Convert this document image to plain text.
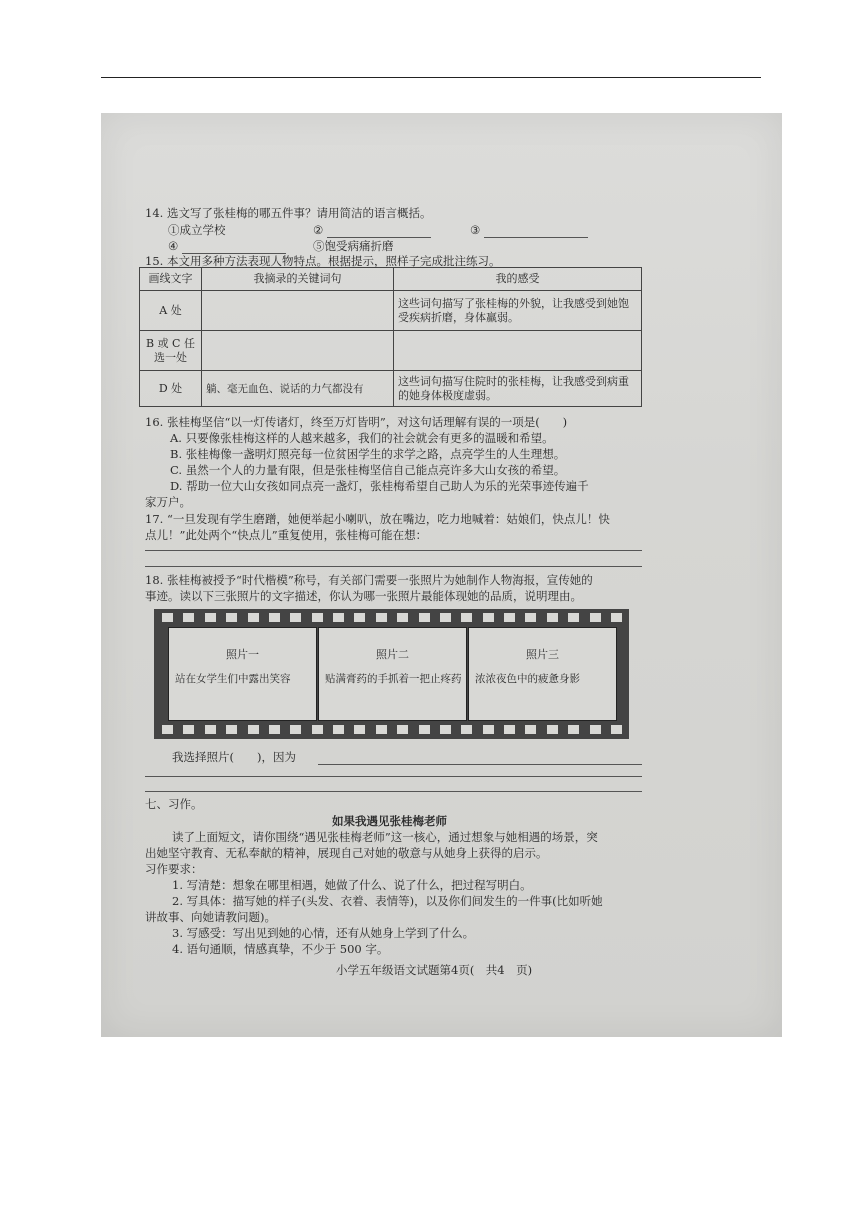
14. 选文写了张桂梅的哪五件事？请用简洁的语言概括。
①成立学校	②	③
④	⑤饱受病痛折磨
15. 本文用多种方法表现人物特点。根据提示，照样子完成批注练习。
画线文字	我摘录的关键词句	我的感受
A 处		这些词句描写了张桂梅的外貌，让我感受到她饱受疾病折磨，身体羸弱。
B 或 C 任选一处		
D 处	躺、毫无血色、说话的力气都没有	这些词句描写住院时的张桂梅，让我感受到病重的她身体极度虚弱。
16. 张桂梅坚信“以一灯传诸灯，终至万灯皆明”，对这句话理解有误的一项是(　　)
A. 只要像张桂梅这样的人越来越多，我们的社会就会有更多的温暖和希望。
B. 张桂梅像一盏明灯照亮每一位贫困学生的求学之路，点亮学生的人生理想。
C. 虽然一个人的力量有限，但是张桂梅坚信自己能点亮许多大山女孩的希望。
D. 帮助一位大山女孩如同点亮一盏灯，张桂梅希望自己助人为乐的光荣事迹传遍千
家万户。
17. “一旦发现有学生磨蹭，她便举起小喇叭，放在嘴边，吃力地喊着：姑娘们，快点儿！快
点儿！”此处两个“快点儿”重复使用，张桂梅可能在想：
18. 张桂梅被授予“时代楷模”称号，有关部门需要一张照片为她制作人物海报，宣传她的
事迹。读以下三张照片的文字描述，你认为哪一张照片最能体现她的品质，说明理由。
照片一
站在女学生们中露出笑容
照片二
贴满膏药的手抓着一把止疼药
照片三
浓浓夜色中的疲惫身影
我选择照片(　　)，因为
七、习作。
如果我遇见张桂梅老师
读了上面短文，请你围绕“遇见张桂梅老师”这一核心，通过想象与她相遇的场景，突
出她坚守教育、无私奉献的精神，展现自己对她的敬意与从她身上获得的启示。
习作要求：
1. 写清楚：想象在哪里相遇，她做了什么、说了什么，把过程写明白。
2. 写具体：描写她的样子(头发、衣着、表情等)，以及你们间发生的一件事(比如听她
讲故事、向她请教问题)。
3. 写感受：写出见到她的心情，还有从她身上学到了什么。
4. 语句通顺，情感真挚，不少于 500 字。
小学五年级语文试题第4页(　共4　页)
